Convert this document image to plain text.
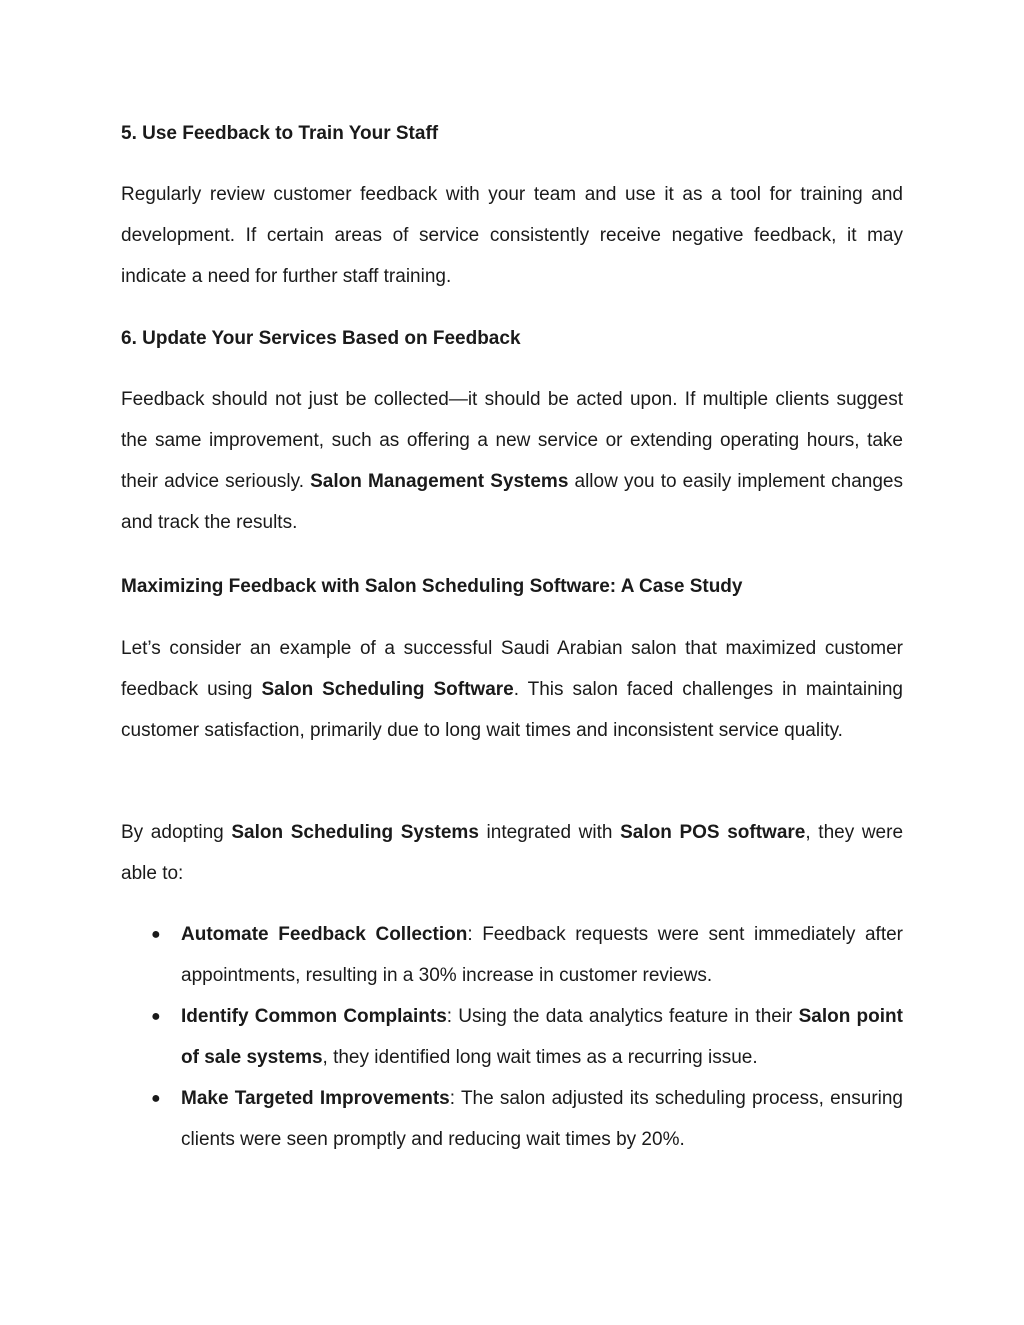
5. Use Feedback to Train Your Staff

Regularly review customer feedback with your team and use it as a tool for training and development. If certain areas of service consistently receive negative feedback, it may indicate a need for further staff training.

6. Update Your Services Based on Feedback

Feedback should not just be collected—it should be acted upon. If multiple clients suggest the same improvement, such as offering a new service or extending operating hours, take their advice seriously. Salon Management Systems allow you to easily implement changes and track the results.

Maximizing Feedback with Salon Scheduling Software: A Case Study

Let’s consider an example of a successful Saudi Arabian salon that maximized customer feedback using Salon Scheduling Software. This salon faced challenges in maintaining customer satisfaction, primarily due to long wait times and inconsistent service quality.

By adopting Salon Scheduling Systems integrated with Salon POS software, they were able to:

● Automate Feedback Collection: Feedback requests were sent immediately after appointments, resulting in a 30% increase in customer reviews.
● Identify Common Complaints: Using the data analytics feature in their Salon point of sale systems, they identified long wait times as a recurring issue.
● Make Targeted Improvements: The salon adjusted its scheduling process, ensuring clients were seen promptly and reducing wait times by 20%.
